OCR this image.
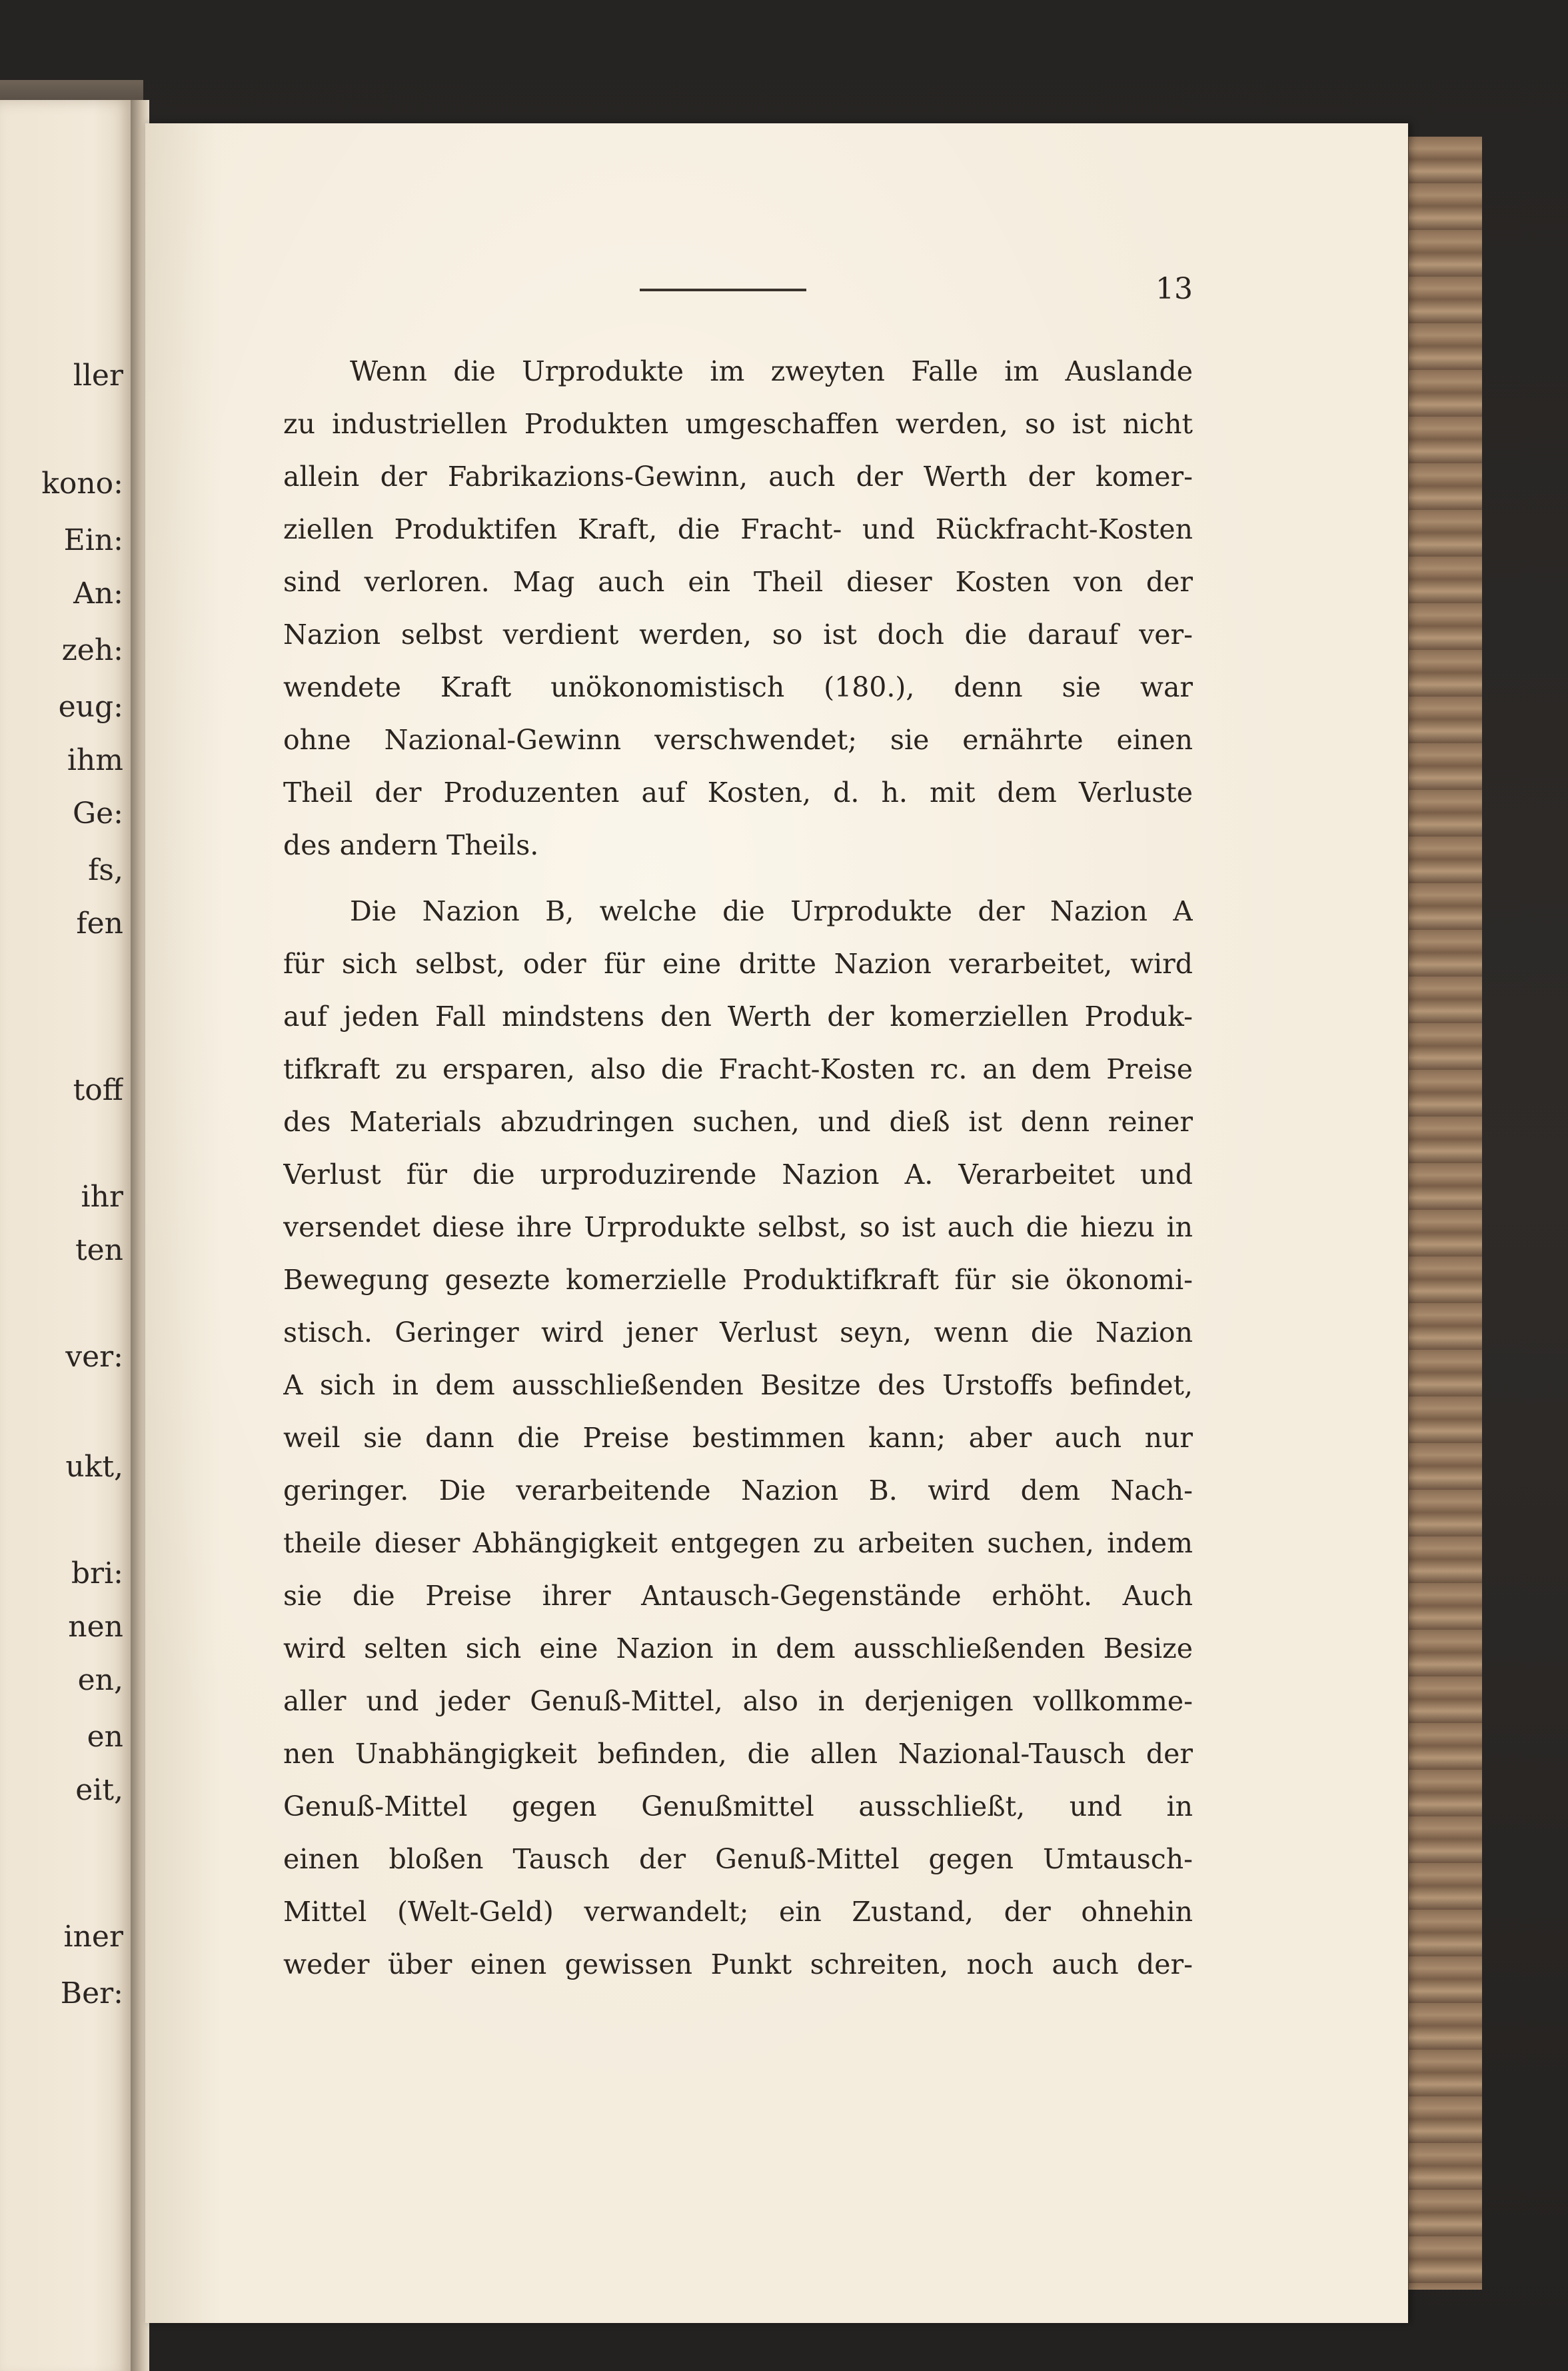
ller
kono:
Ein:
An:
zeh:
eug:
ihm
Ge:
fs,
fen
toff
ihr
ten
ver:
ukt,
bri:
nen
en,
en
eit,
iner
Ber:
13
Wenn die Urprodukte im zweyten Falle im Auslande
zu industriellen Produkten umgeschaffen werden, so ist nicht
allein der Fabrikazions-Gewinn, auch der Werth der komer-
ziellen Produktifen Kraft, die Fracht- und Rückfracht-Kosten
sind verloren. Mag auch ein Theil dieser Kosten von der
Nazion selbst verdient werden, so ist doch die darauf ver-
wendete Kraft unökonomistisch (180.), denn sie war
ohne Nazional-Gewinn verschwendet; sie ernährte einen
Theil der Produzenten auf Kosten, d. h. mit dem Verluste
des andern Theils.
Die Nazion B, welche die Urprodukte der Nazion A
für sich selbst, oder für eine dritte Nazion verarbeitet, wird
auf jeden Fall mindstens den Werth der komerziellen Produk-
tifkraft zu ersparen, also die Fracht-Kosten rc. an dem Preise
des Materials abzudringen suchen, und dieß ist denn reiner
Verlust für die urproduzirende Nazion A. Verarbeitet und
versendet diese ihre Urprodukte selbst, so ist auch die hiezu in
Bewegung gesezte komerzielle Produktifkraft für sie ökonomi-
stisch. Geringer wird jener Verlust seyn, wenn die Nazion
A sich in dem ausschließenden Besitze des Urstoffs befindet,
weil sie dann die Preise bestimmen kann; aber auch nur
geringer. Die verarbeitende Nazion B. wird dem Nach-
theile dieser Abhängigkeit entgegen zu arbeiten suchen, indem
sie die Preise ihrer Antausch-Gegenstände erhöht. Auch
wird selten sich eine Nazion in dem ausschließenden Besize
aller und jeder Genuß-Mittel, also in derjenigen vollkomme-
nen Unabhängigkeit befinden, die allen Nazional-Tausch der
Genuß-Mittel gegen Genußmittel ausschließt, und in
einen bloßen Tausch der Genuß-Mittel gegen Umtausch-
Mittel (Welt-Geld) verwandelt; ein Zustand, der ohnehin
weder über einen gewissen Punkt schreiten, noch auch der-
